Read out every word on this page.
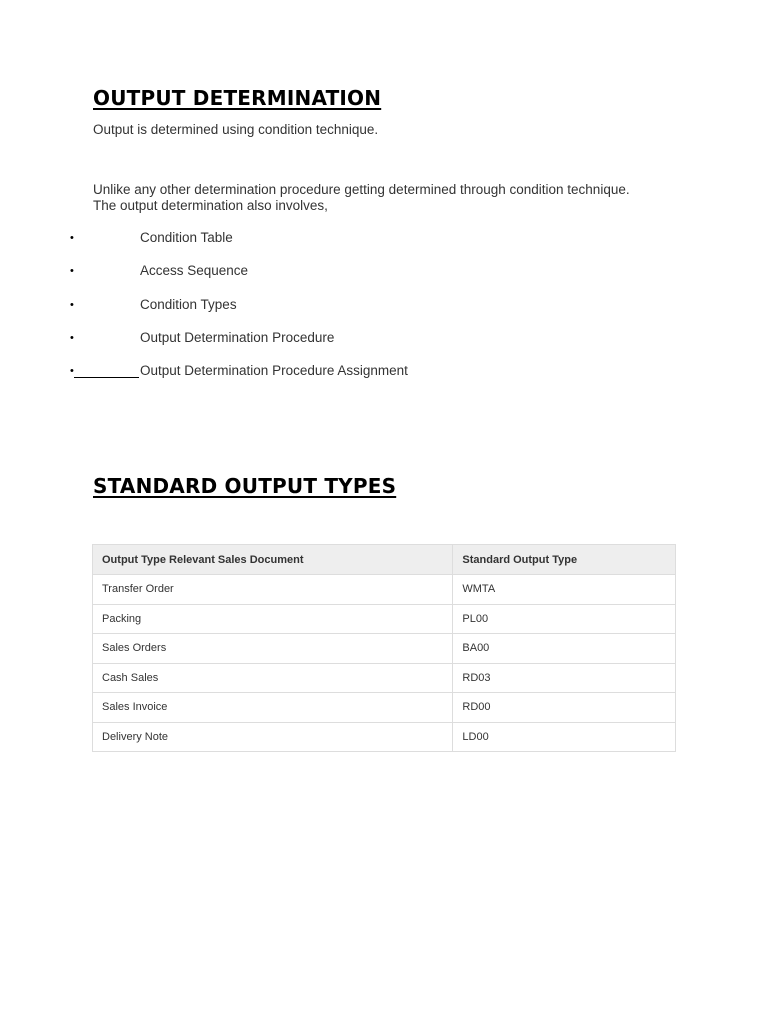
OUTPUT DETERMINATION

Output is determined using condition technique.

Unlike any other determination procedure getting determined through condition technique.

The output determination also involves,

•	Condition Table
•	Access Sequence
•	Condition Types
•	Output Determination Procedure
•	Output Determination Procedure Assignment
STANDARD OUTPUT TYPES
Output Type Relevant Sales Document	Standard Output Type
Transfer Order	WMTA
Packing	PL00
Sales Orders	BA00
Cash Sales	RD03
Sales Invoice	RD00
Delivery Note	LD00
